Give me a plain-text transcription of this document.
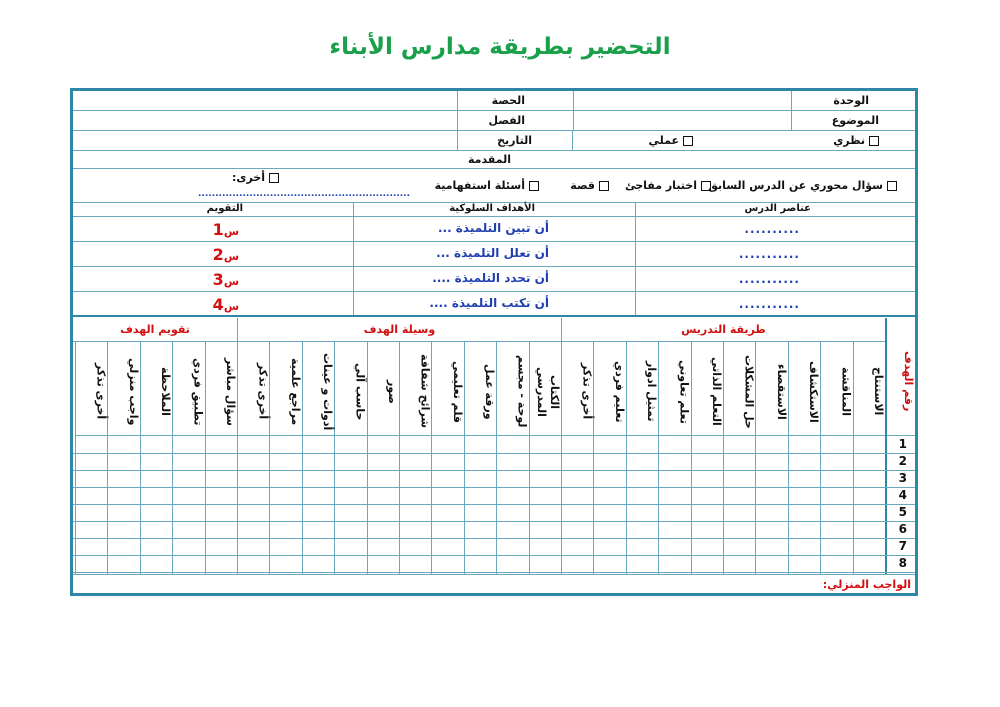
التحضير بطريقة مدارس الأبناء
الوحدة
الحصة
الموضوع
الفصل
نظري
عملي
التاريخ
المقدمة
سؤال محوري عن الدرس السابق
اختبار مفاجئ
قصة
أسئلة استفهامية
أخرى:
..............................................................
عناصر الدرس
الأهداف السلوكية
التقويم
..........
أن تبين التلميذة ...
س1
...........
أن تعلل التلميذة ...
س2
...........
أن تحدد التلميذة ....
س3
...........
أن تكتب التلميذة ....
س4
رقم الهدف
طريقة التدريس
وسيلة الهدف
تقويم الهدف
الاستنتاج
المناقشة
الاستكشاف
الاستقصاء
حل المشكلات
التعلم الذاتي
تعلم تعاوني
تمثيل ادوار
تعليم فردي
أخرى تذكر
الكتاب المدرسي
لوحة - مجسم
ورقة عمل
قلم تعليمي
شرائح شفافة
صور
حاسب آلي
أدوات و عينات
مراجع علمية
أخرى تذكر
سؤال مباشر
تطبيق فردي
الملاحظة
واجب منزلي
أخرى تذكر
1
2
3
4
5
6
7
8
الواجب المنزلي:
